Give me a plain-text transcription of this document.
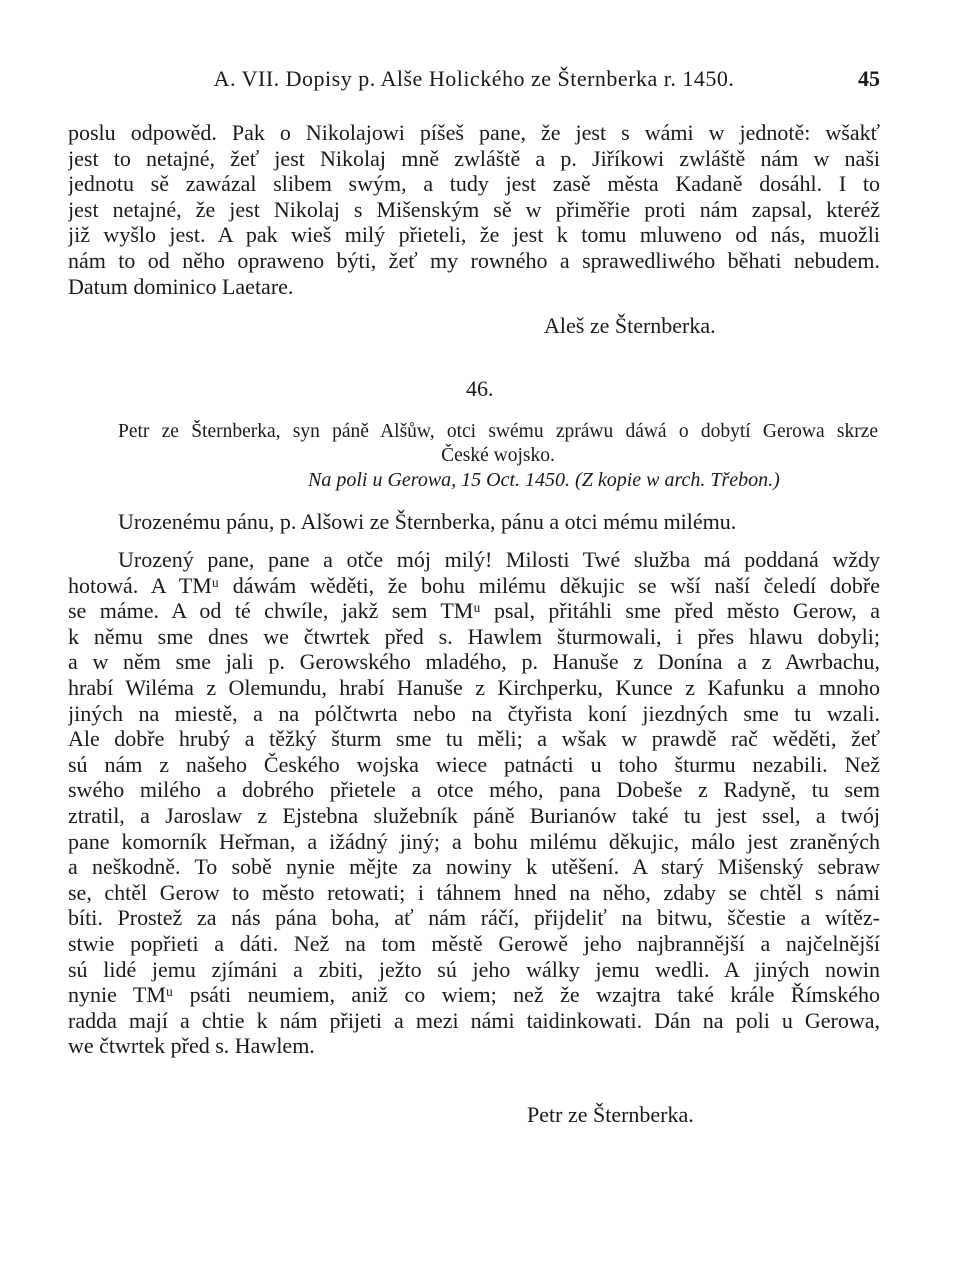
A. VII. Dopisy p. Alše Holického ze Šternberka r. 1450.	45
poslu odpowěd. Pak o Nikolajowi píšeš pane, že jest s wámi w jednotě: wšakť
jest to netajné, žeť jest Nikolaj mně zwláště a p. Jiříkowi zwláště nám w naši
jednotu sě zawázal slibem swým, a tudy jest zasě města Kadaně dosáhl. I to
jest netajné, že jest Nikolaj s Mišenským sě w přiměřie proti nám zapsal, kteréž
již wyšlo jest. A pak wieš milý přieteli, že jest k tomu mluweno od nás, muožli
nám to od něho opraweno býti, žeť my rowného a sprawedliwého běhati nebudem.
Datum dominico Laetare.
Aleš ze Šternberka.
46.
Petr ze Šternberka, syn páně Alšůw, otci swému zpráwu dáwá o dobytí Gerowa skrze
České wojsko.
Na poli u Gerowa, 15 Oct. 1450. (Z kopie w arch. Třebon.)
Urozenému pánu, p. Alšowi ze Šternberka, pánu a otci mému milému.
Urozený pane, pane a otče mój milý! Milosti Twé služba má poddaná wždy
hotowá. A TMᵘ dáwám wěděti, že bohu milému děkujic se wší naší čeledí dobře
se máme. A od té chwíle, jakž sem TMᵘ psal, přitáhli sme před město Gerow, a
k němu sme dnes we čtwrtek před s. Hawlem šturmowali, i přes hlawu dobyli;
a w něm sme jali p. Gerowského mladého, p. Hanuše z Donína a z Awrbachu,
hrabí Wiléma z Olemundu, hrabí Hanuše z Kirchperku, Kunce z Kafunku a mnoho
jiných na miestě, a na pólčtwrta nebo na čtyřista koní jiezdných sme tu wzali.
Ale dobře hrubý a těžký šturm sme tu měli; a wšak w prawdě rač wěděti, žeť
sú nám z našeho Českého wojska wiece patnácti u toho šturmu nezabili. Než
swého milého a dobrého přietele a otce mého, pana Dobeše z Radyně, tu sem
ztratil, a Jaroslaw z Ejstebna služebník páně Burianów také tu jest ssel, a twój
pane komorník Heřman, a ižádný jiný; a bohu milému děkujic, málo jest zraněných
a neškodně. To sobě nynie mějte za nowiny k utěšení. A starý Mišenský sebraw
se, chtěl Gerow to město retowati; i táhnem hned na něho, zdaby se chtěl s námi
bíti. Prostež za nás pána boha, ať nám ráčí, přijdeliť na bitwu, ščestie a wítěz-
stwie popřieti a dáti. Než na tom městě Gerowě jeho najbrannější a najčelnější
sú lidé jemu zjímáni a zbiti, ježto sú jeho wálky jemu wedli. A jiných nowin
nynie TMᵘ psáti neumiem, aniž co wiem; než že wzajtra také krále Římského
radda mají a chtie k nám přijeti a mezi námi taidinkowati. Dán na poli u Gerowa,
we čtwrtek před s. Hawlem.
Petr ze Šternberka.
